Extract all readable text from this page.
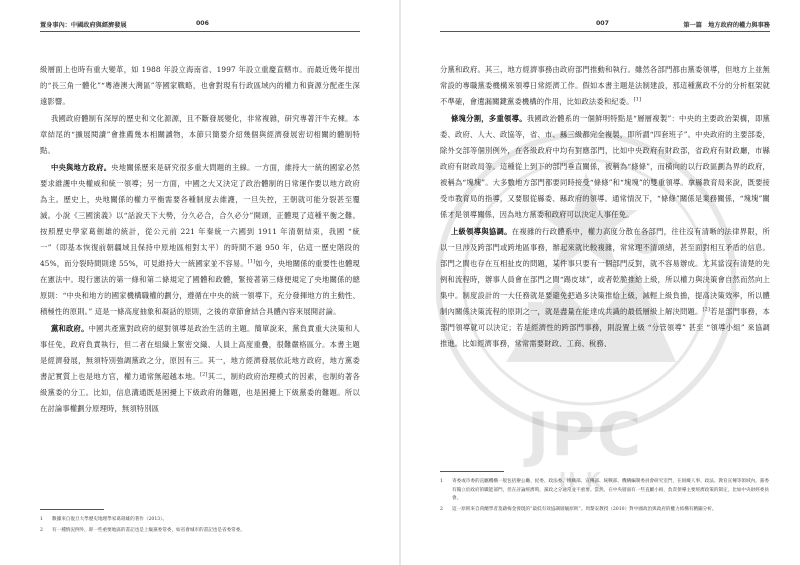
JPC
HK
置身事內：中國政府與經濟發展	006	007	第一篇　地方政府的權力與事務

級層面上也時有重大變革，如 1988 年設立海南省、1997 年設立重慶直轄市。而最近幾年提出的“長三角一體化”“粵港澳大灣區”等國家戰略，也會對現有行政區域內的權力和資源分配產生深遠影響。

我國政府體制有深厚的歷史和文化源源，且不斷發展變化，非常複雜，研究專著汗牛充棟。本章結尾的“擴展閱讀”會推薦幾本相關讀物，本節只簡要介紹幾個與經濟發展密切相關的體制特點。

中央與地方政府。央地關係歷來是研究很多重大問題的主線。一方面，維持大一統的國家必然要求維護中央權威和統一領導；另一方面，中國之大又決定了政治體制的日常運作要以地方政府為主。歷史上，央地關係的權力平衡需要各種制度去維護，一旦失控，王朝就可能分裂甚至覆滅。小說《三國演義》以“話說天下大勢，分久必合，合久必分”開頭，正體現了這種平衡之難。按照歷史學家葛劍雄的統計，從公元前 221 年秦統一六國到 1911 年清朝結束，我國 “統一”（即基本恢復前朝疆域且保持中原地區相對太平）的時間不過 950 年，佔這一歷史階段的 45%，而分裂時間則達 55%，可見維持大一統國家並不容易。[1]如今，央地關係的重要性也體現在憲法中。現行憲法的第一條和第二條規定了國體和政體，緊接著第三條便規定了央地關係的總原則：“中央和地方的國家機構職權的劃分，遵循在中央的統一領導下，充分發揮地方的主動性、積極性的原則。” 這是一條高度抽象和凝話的原則，之後的章節會結合具體內容來展開討論。

黨和政府。中國共產黨對政府的絕對領導是政治生活的主題。簡單說來，黨負責重大決策和人事任免，政府負責執行，但二者在組織上緊密交織、人員上高度重疊，很難嚴格區分。本書主題是經濟發展，無須特別強調黨政之分，原因有三。其一，地方經濟發展依託地方政府，地方黨委書記實質上也是地方官，權力通常無超越本地。[2]其二，制約政府治理模式的因素，也制約著各級黨委的分工。比如，信息溝通既是困擾上下級政府的難題，也是困擾上下級黨委的難題。所以在討論事權劃分原理時，無須特別區

分黨和政府。其三，地方經濟事務由政府部門推動和執行。雖然各部門都由黨委領導，但地方上並無常設的專職黨委機構來領導日常經濟工作。假如本書主題是法制建設，那這種黨政不分的分析框架就不準確，會遺漏關鍵黨委機構的作用，比如政法委和紀委。[1]

條塊分割，多重領導。我國政治體系的一個鮮明特點是“層層複製”：中央的主要政治架構，即黨委、政府、人大、政協等，省、市、縣三級都完全複製，即所謂“四套班子”。中央政府的主要部委，除外交部等個別例外，在各級政府中均有對應部門，比如中央政府有財政部，省政府有財政廳，市縣政府有財政局等。這種從上到下的部門垂直關係，被稱為“條條”，而橫向的以行政區劃為界的政府，被稱為“塊塊”。大多數地方部門都要同時接受“條條”和“塊塊”的雙重領導。拿縣教育局來說，既要接受市教育局的指導，又要服從縣委、縣政府的領導。通常情況下，“條條”關係是業務關係，“塊塊”關係才是領導關係，因為地方黨委和政府可以決定人事任免。

上級領導與協調。在複雜的行政體系中，權力高度分散在各部門，往往沒有清晰的法律界限，所以一旦涉及跨部門或跨地區事務，辦起來就比較複雜，常常理不清頭緒，甚至面對相互矛盾的信息。部門之間也存在互相扯皮的問題，某件事只要有一個部門反對，就不容易辦成。尤其當沒有清楚的先例和流程時，辦事人員會在部門之間“踢皮球”，或者乾脆推給上級，所以權力與決策會自然而然向上集中。制度設計的一大任務就是要避免把過多決策推給上級，減輕上級負擔，提高決策效率，所以體制內關係決策流程的原則之一，就是盡量在能達成共識的最低層級上解決問題。[2]若是部門事務，本部門領導就可以決定；若是經濟性的跨部門事務，則設置上級 “分管領導” 甚至 “領導小組” 來協調推進。比如經濟事務，常常需要財政、工商、稅務、

1	數據來自復旦大學歷史地理學家葛劍雄的著作（2013）。
2	有一種情況例外，即一些重要地區的書記也是上級黨委常委，如省會城市的書記也是省委常委。
1	寄委或市委的直屬機構一般包括辦公廳、紀委、政法委、組織部、宣傳部、統戰部、機構編制委員會研究室門，在組織人事、政法、教育宣傳等領域內，黨委有獨立於政府的職能部門，但在討論經濟時，黨政之分通常並不重要。當然，在中央層面有一些直屬小組，負責領導主要經濟政策的制定，比如中央財經委員會。
2	這一原則來自荷蘭學者莫藉梅金發現的“最低有效協調層級原則”。周黎安教授（2010）對中國政治與政府的權力結構有精闢分析。
